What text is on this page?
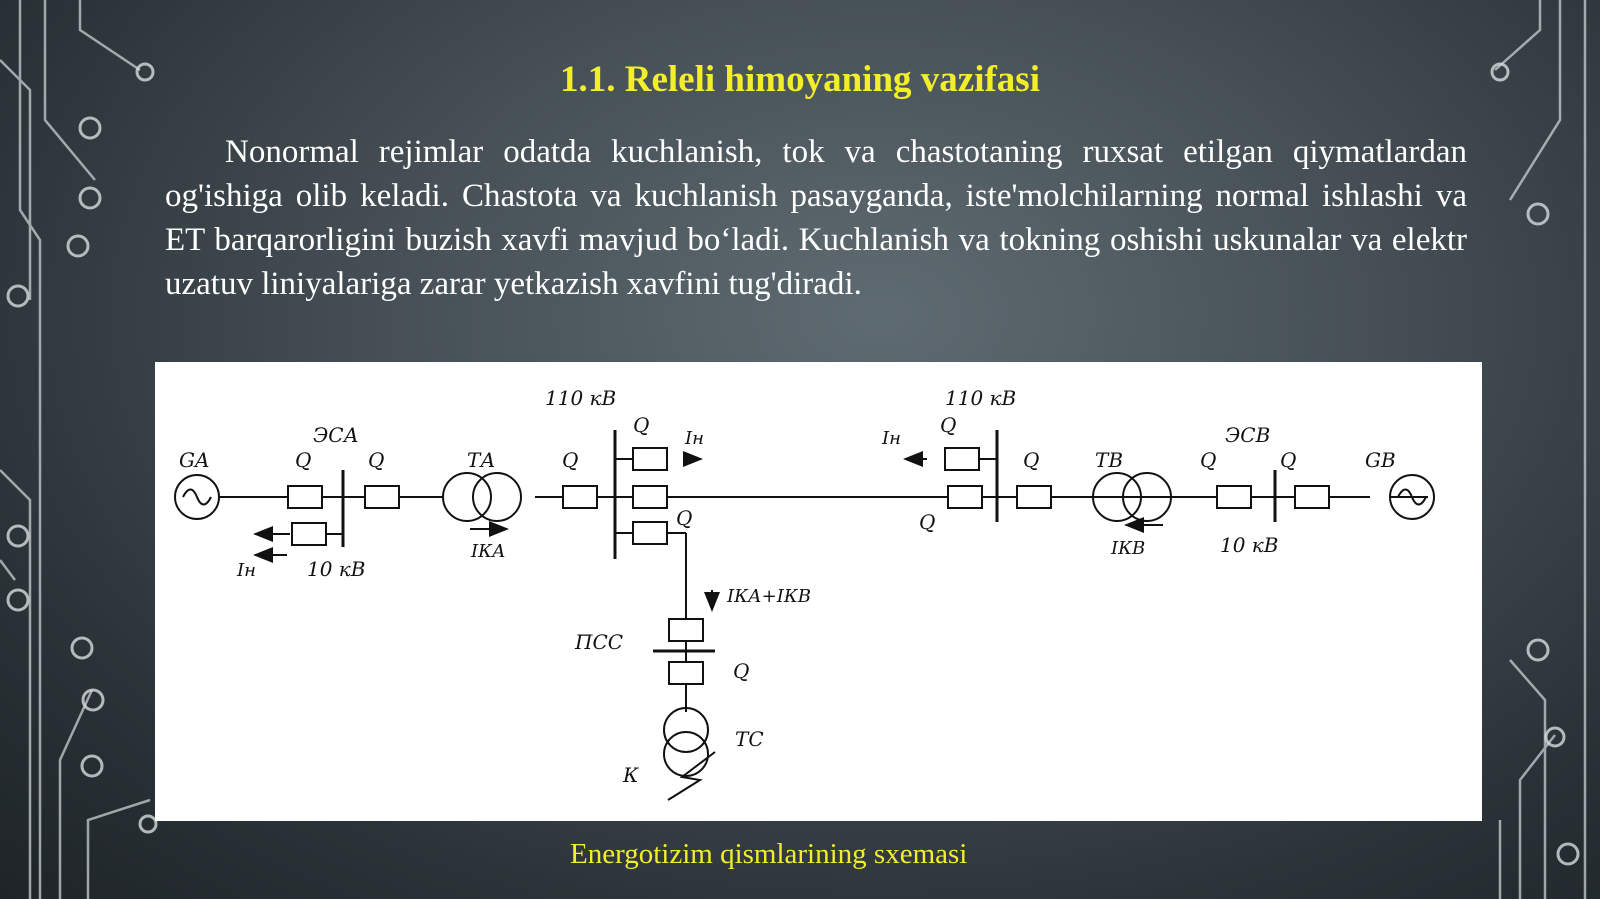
1.1. Releli himoyaning vazifasi
Nonormal rejimlar odatda kuchlanish, tok va chastotaning ruxsat etilgan qiymatlardan og'ishiga olib keladi. Chastota va kuchlanish pasayganda, iste'molchilarning normal ishlashi va ET barqarorligini buzish xavfi mavjud bo‘ladi. Kuchlanish va tokning oshishi uskunalar va elektr uzatuv liniyalariga zarar yetkazish xavfini tug'diradi.
GA
ЭСА
Q	Q	ТА	Q
110 кВ
Q
Iн
Q
IКА
Iн	10 кВ
IКА+IКВ
ПСС
Q
ТС
К
110 кВ
Iн
Q
Q
Q
ТВ
IКВ
ЭСВ
Q	Q	GB
10 кВ
Energotizim qismlarining sxemasi
